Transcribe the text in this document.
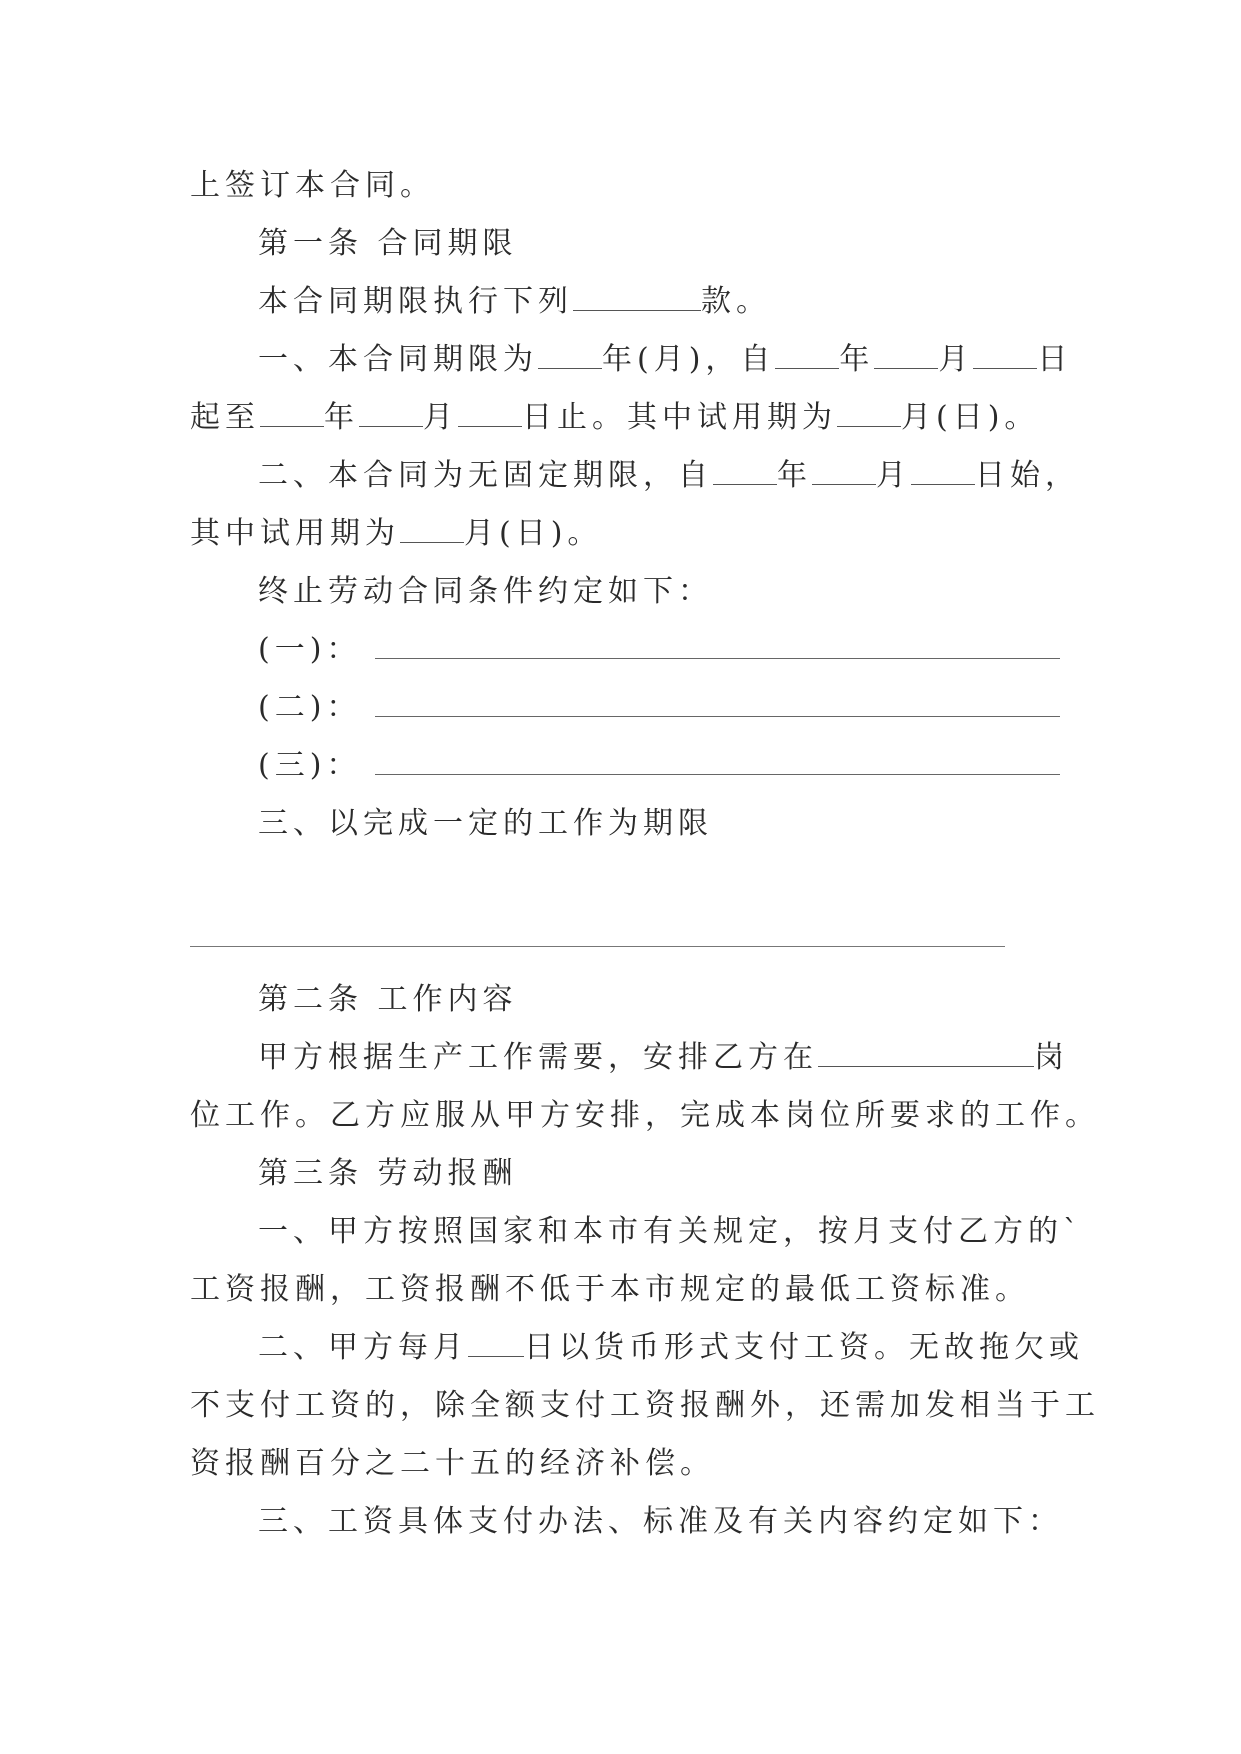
上签订本合同。
第一条 合同期限
本合同期限执行下列	款。
一、本合同期限为 年(月)，自 年 月 日
起至 年 月 日止。其中试用期为 月(日)。
二、本合同为无固定期限，自 年 月 日始，
其中试用期为 月(日)。
终止劳动合同条件约定如下：
(一)：
(二)：
(三)：
三、以完成一定的工作为期限
第二条 工作内容
甲方根据生产工作需要，安排乙方在	岗
位工作。乙方应服从甲方安排，完成本岗位所要求的工作。
第三条 劳动报酬
一、甲方按照国家和本市有关规定，按月支付乙方的`
工资报酬，工资报酬不低于本市规定的最低工资标准。
二、甲方每月 日以货币形式支付工资。无故拖欠或
不支付工资的，除全额支付工资报酬外，还需加发相当于工
资报酬百分之二十五的经济补偿。
三、工资具体支付办法、标准及有关内容约定如下：
